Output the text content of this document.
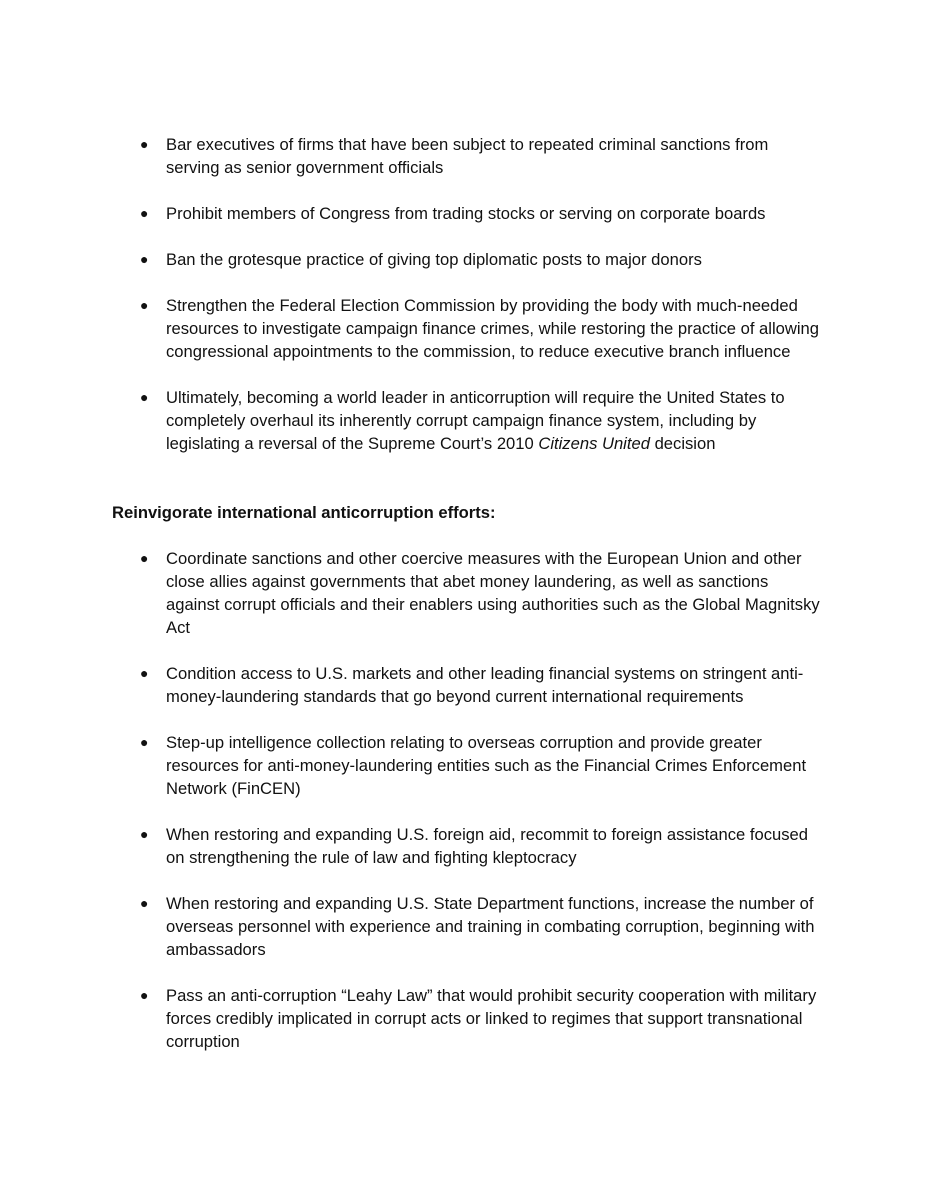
● Bar executives of firms that have been subject to repeated criminal sanctions from serving as senior government officials
● Prohibit members of Congress from trading stocks or serving on corporate boards
● Ban the grotesque practice of giving top diplomatic posts to major donors
● Strengthen the Federal Election Commission by providing the body with much-needed resources to investigate campaign finance crimes, while restoring the practice of allowing congressional appointments to the commission, to reduce executive branch influence
● Ultimately, becoming a world leader in anticorruption will require the United States to completely overhaul its inherently corrupt campaign finance system, including by legislating a reversal of the Supreme Court’s 2010 Citizens United decision
Reinvigorate international anticorruption efforts:
● Coordinate sanctions and other coercive measures with the European Union and other close allies against governments that abet money laundering, as well as sanctions against corrupt officials and their enablers using authorities such as the Global Magnitsky Act
● Condition access to U.S. markets and other leading financial systems on stringent anti-money-laundering standards that go beyond current international requirements
● Step-up intelligence collection relating to overseas corruption and provide greater resources for anti-money-laundering entities such as the Financial Crimes Enforcement Network (FinCEN)
● When restoring and expanding U.S. foreign aid, recommit to foreign assistance focused on strengthening the rule of law and fighting kleptocracy
● When restoring and expanding U.S. State Department functions, increase the number of overseas personnel with experience and training in combating corruption, beginning with ambassadors
● Pass an anti-corruption “Leahy Law” that would prohibit security cooperation with military forces credibly implicated in corrupt acts or linked to regimes that support transnational corruption
